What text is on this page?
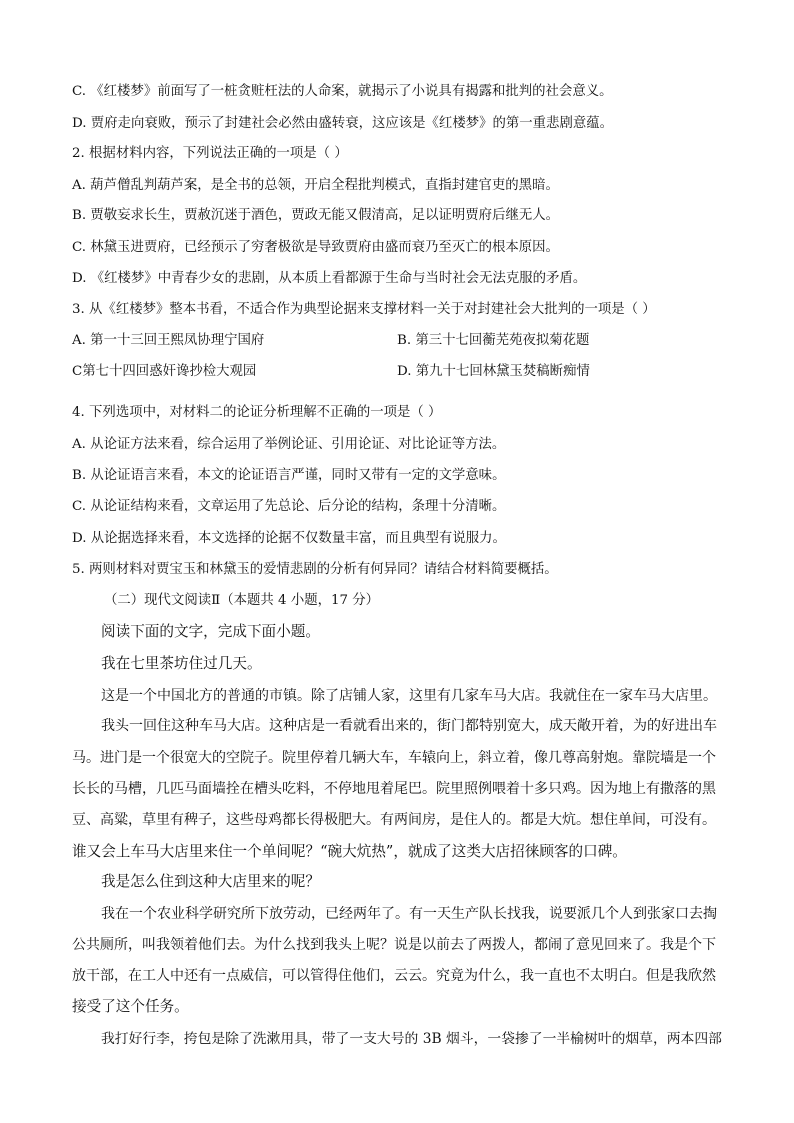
C. 《红楼梦》前面写了一桩贪赃枉法的人命案，就揭示了小说具有揭露和批判的社会意义。
D. 贾府走向衰败，预示了封建社会必然由盛转衰，这应该是《红楼梦》的第一重悲剧意蕴。
2. 根据材料内容，下列说法正确的一项是（ ）
A. 葫芦僧乱判葫芦案，是全书的总领，开启全程批判模式，直指封建官吏的黑暗。
B. 贾敬妄求长生，贾赦沉迷于酒色，贾政无能又假清高，足以证明贾府后继无人。
C. 林黛玉进贾府，已经预示了穷奢极欲是导致贾府由盛而衰乃至灭亡的根本原因。
D. 《红楼梦》中青春少女的悲剧，从本质上看都源于生命与当时社会无法克服的矛盾。
3. 从《红楼梦》整本书看，不适合作为典型论据来支撑材料一关于对封建社会大批判的一项是（ ）
A. 第一十三回王熙凤协理宁国府	B. 第三十七回蘅芜苑夜拟菊花题
C第七十四回惑奸谗抄检大观园	D. 第九十七回林黛玉焚稿断痴情
4. 下列选项中，对材料二的论证分析理解不正确的一项是（ ）
A. 从论证方法来看，综合运用了举例论证、引用论证、对比论证等方法。
B. 从论证语言来看，本文的论证语言严谨，同时又带有一定的文学意味。
C. 从论证结构来看，文章运用了先总论、后分论的结构，条理十分清晰。
D. 从论据选择来看，本文选择的论据不仅数量丰富，而且典型有说服力。
5. 两则材料对贾宝玉和林黛玉的爱情悲剧的分析有何异同？请结合材料简要概括。
（二）现代文阅读Ⅱ（本题共 4 小题，17 分）
阅读下面的文字，完成下面小题。
我在七里茶坊住过几天。
这是一个中国北方的普通的市镇。除了店铺人家，这里有几家车马大店。我就住在一家车马大店里。
我头一回住这种车马大店。这种店是一看就看出来的，街门都特别宽大，成天敞开着，为的好进出车
马。进门是一个很宽大的空院子。院里停着几辆大车，车辕向上，斜立着，像几尊高射炮。靠院墙是一个
长长的马槽，几匹马面墙拴在槽头吃料，不停地甩着尾巴。院里照例喂着十多只鸡。因为地上有撒落的黑
豆、高粱，草里有稗子，这些母鸡都长得极肥大。有两间房，是住人的。都是大炕。想住单间，可没有。
谁又会上车马大店里来住一个单间呢？“碗大炕热”，就成了这类大店招徕顾客的口碑。
我是怎么住到这种大店里来的呢？
我在一个农业科学研究所下放劳动，已经两年了。有一天生产队长找我，说要派几个人到张家口去掏
公共厕所，叫我领着他们去。为什么找到我头上呢？说是以前去了两拨人，都闹了意见回来了。我是个下
放干部，在工人中还有一点威信，可以管得住他们，云云。究竟为什么，我一直也不太明白。但是我欣然
接受了这个任务。
我打好行李，挎包是除了洗漱用具，带了一支大号的 3B 烟斗，一袋掺了一半榆树叶的烟草，两本四部
